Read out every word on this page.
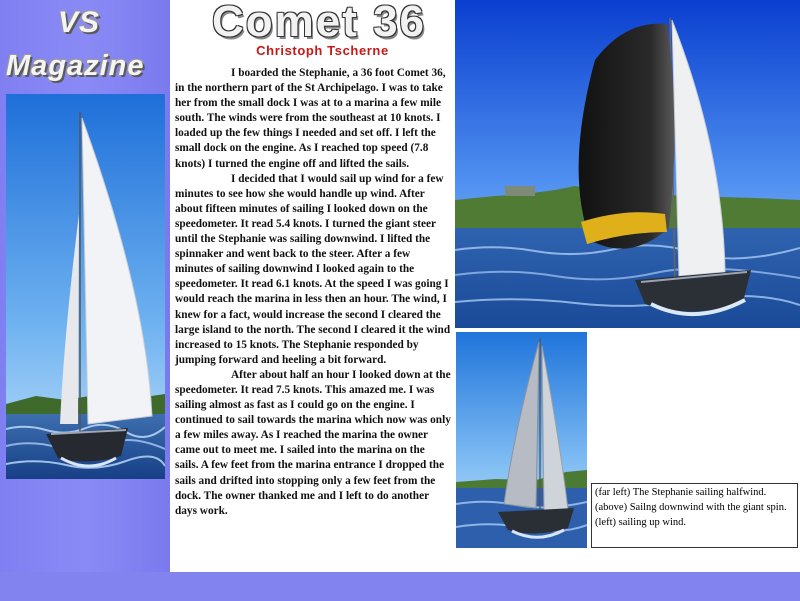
VS
Magazine
Comet 36
Christoph Tscherne

I boarded the Stephanie, a 36 foot Comet 36, in the northern part of the St Archipelago. I was to take her from the small dock I was at to a marina a few mile south. The winds were from the southeast at 10 knots. I loaded up the few things I needed and set off. I left the small dock on the engine. As I reached top speed (7.8 knots) I turned the engine off and lifted the sails.

I decided that I would sail up wind for a few minutes to see how she would handle up wind. After about fifteen minutes of sailing I looked down on the speedometer. It read 5.4 knots. I turned the giant steer until the Stephanie was sailing downwind. I lifted the spinnaker and went back to the steer. After a few minutes of sailing downwind I looked again to the speedometer. It read 6.1 knots. At the speed I was going I would reach the marina in less then an hour. The wind, I knew for a fact, would increase the second I cleared the large island to the north. The second I cleared it the wind increased to 15 knots. The Stephanie responded by jumping forward and heeling a bit forward.

After about half an hour I looked down at the speedometer. It read 7.5 knots. This amazed me. I was sailing almost as fast as I could go on the engine. I continued to sail towards the marina which now was only a few miles away. As I reached the marina the owner came out to meet me. I sailed into the marina on the sails. A few feet from the marina entrance I dropped the sails and drifted into stopping only a few feet from the dock. The owner thanked me and I left to do another days work.

(far left) The Stephanie sailing halfwind.
(above) Sailng downwind with the giant spin.
(left) sailing up wind.
